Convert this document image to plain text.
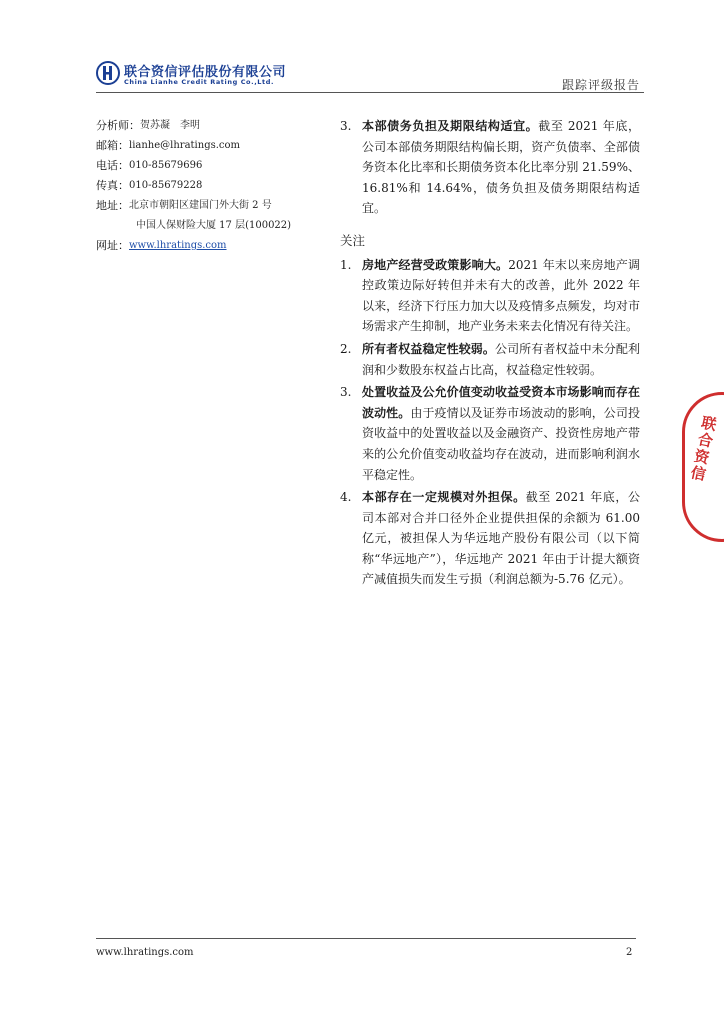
联合资信评估股份有限公司
China Lianhe Credit Rating Co.,Ltd.	跟踪评级报告
分析师： 贺苏凝　李明
邮箱： lianhe@lhratings.com
电话： 010-85679696
传真： 010-85679228
地址： 北京市朝阳区建国门外大街 2 号
中国人保财险大厦 17 层(100022)
网址： www.lhratings.com
3. 本部债务负担及期限结构适宜。截至 2021 年底，公司本部债务期限结构偏长期，资产负债率、全部债务资本化比率和长期债务资本化比率分别 21.59%、16.81%和 14.64%，债务负担及债务期限结构适宜。
关注
1. 房地产经营受政策影响大。2021 年末以来房地产调控政策边际好转但并未有大的改善，此外 2022 年以来，经济下行压力加大以及疫情多点频发，均对市场需求产生抑制，地产业务未来去化情况有待关注。
2. 所有者权益稳定性较弱。公司所有者权益中未分配利润和少数股东权益占比高，权益稳定性较弱。
3. 处置收益及公允价值变动收益受资本市场影响而存在波动性。由于疫情以及证券市场波动的影响，公司投资收益中的处置收益以及金融资产、投资性房地产带来的公允价值变动收益均存在波动，进而影响利润水平稳定性。
4. 本部存在一定规模对外担保。截至 2021 年底，公司本部对合并口径外企业提供担保的余额为 61.00 亿元，被担保人为华远地产股份有限公司（以下简称“华远地产”），华远地产 2021 年由于计提大额资产减值损失而发生亏损（利润总额为-5.76 亿元）。
联合资信
www.lhratings.com	2
